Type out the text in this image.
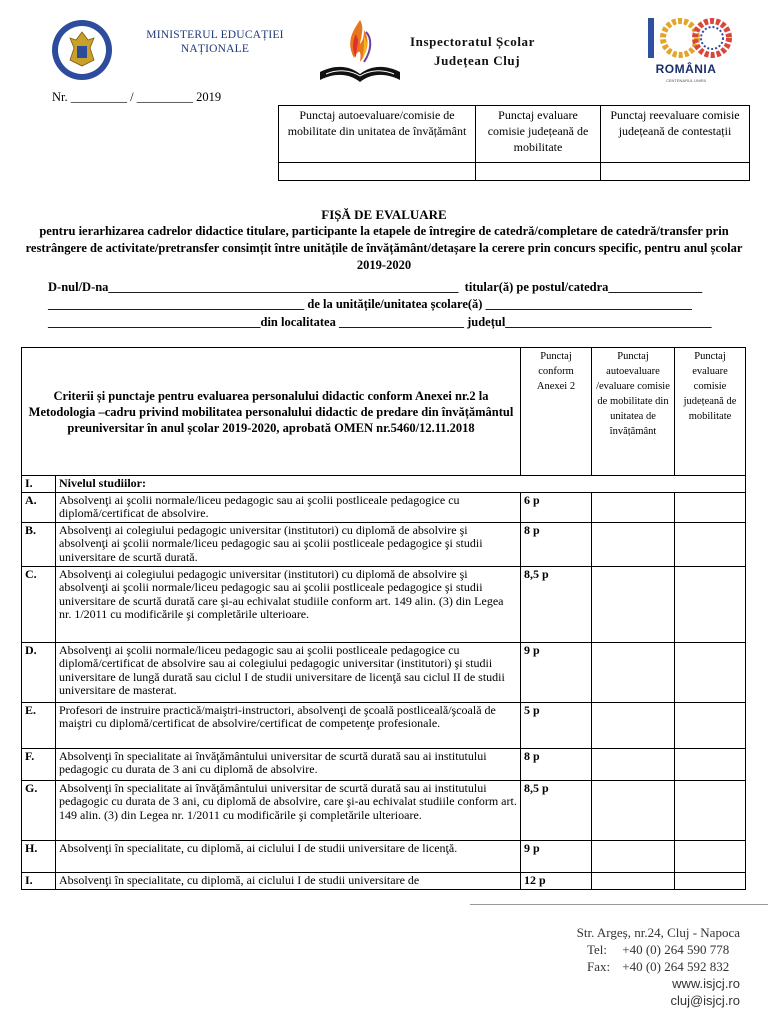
MINISTERUL EDUCAȚIEI NAȚIONALE	Inspectoratul Școlar
Județean Cluj
ROMÂNIA
CENTENARUL UNIRII
Nr. _________ / _________ 2019
Punctaj autoevaluare/comisie de mobilitate din unitatea de învățământ	Punctaj evaluare comisie județeană de mobilitate	Punctaj reevaluare comisie județeană de contestații

FIȘĂ DE EVALUARE
pentru ierarhizarea cadrelor didactice titulare, participante la etapele de întregire de catedră/completare de catedră/transfer prin restrângere de activitate/pretransfer consimțit între unitățile de învățământ/detașare la cerere prin concurs specific, pentru anul școlar 2019-2020
D-nul/D-na________________________________________________________  titular(ă) pe postul/catedra_______________
_________________________________________ de la unitățile/unitatea școlare(ă) _________________________________
__________________________________din localitatea ____________________ județul_________________________________
Criterii și punctaje pentru evaluarea personalului didactic conform Anexei nr.2 la Metodologia –cadru privind mobilitatea personalului didactic de predare din învățământul preuniversitar în anul școlar 2019-2020, aprobată OMEN nr.5460/12.11.2018		Punctaj conform Anexei 2	Punctaj autoevaluare /evaluare comisie de mobilitate din unitatea de învățământ	Punctaj evaluare comisie județeană de mobilitate
I.	Nivelul studiilor:			
A.	Absolvenţi ai şcolii normale/liceu pedagogic sau ai şcolii postliceale pedagogice cu diplomă/certificat de absolvire.	6 p		
B.	Absolvenţi ai colegiului pedagogic universitar (institutori) cu diplomă de absolvire şi absolvenţi ai şcolii normale/liceu pedagogic sau ai şcolii postliceale pedagogice şi studii universitare de scurtă durată.	8 p		
C.	Absolvenţi ai colegiului pedagogic universitar (institutori) cu diplomă de absolvire şi absolvenţi ai şcolii normale/liceu pedagogic sau ai şcolii postliceale pedagogice şi studii universitare de scurtă durată care şi-au echivalat studiile conform art. 149 alin. (3) din Legea nr. 1/2011 cu modificările şi completările ulterioare.	8,5 p		
D.	Absolvenţi ai şcolii normale/liceu pedagogic sau ai şcolii postliceale pedagogice cu diplomă/certificat de absolvire sau ai colegiului pedagogic universitar (institutori) şi studii universitare de lungă durată sau ciclul I de studii universitare de licenţă sau ciclul II de studii universitare de masterat.	9 p		
E.	Profesori de instruire practică/maiştri-instructori, absolvenţi de şcoală postliceală/şcoală de maiştri cu diplomă/certificat de absolvire/certificat de competenţe profesionale.	5 p		
F.	Absolvenţi în specialitate ai învăţământului universitar de scurtă durată sau ai institutului pedagogic cu durata de 3 ani cu diplomă de absolvire.	8 p		
G.	Absolvenţi în specialitate ai învăţământului universitar de scurtă durată sau ai institutului pedagogic cu durata de 3 ani, cu diplomă de absolvire, care şi-au echivalat studiile conform art. 149 alin. (3) din Legea nr. 1/2011 cu modificările şi completările ulterioare.	8,5 p		
H.	Absolvenţi în specialitate, cu diplomă, ai ciclului I de studii universitare de licenţă.	9 p		
I.	Absolvenţi în specialitate, cu diplomă, ai ciclului I de studii universitare de	12 p		
Str. Argeș, nr.24, Cluj - Napoca
Tel: +40 (0) 264 590 778
Fax: +40 (0) 264 592 832
www.isjcj.ro
cluj@isjcj.ro
